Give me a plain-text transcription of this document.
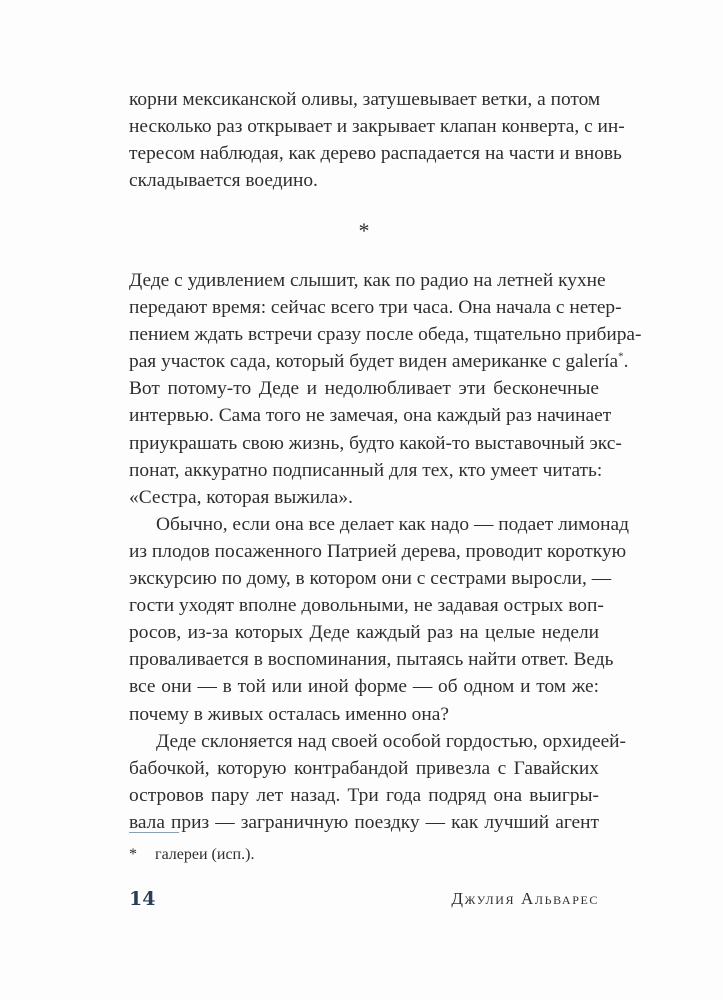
корни мексиканской оливы, затушевывает ветки, а потом
несколько раз открывает и закрывает клапан конверта, с ин-
тересом наблюдая, как дерево распадается на части и вновь
складывается воедино.
*
Деде с удивлением слышит, как по радио на летней кухне
передают время: сейчас всего три часа. Она начала с нетер-
пением ждать встречи сразу после обеда, тщательно прибира-
рая участок сада, который будет виден американке с galería*.
Вот потому-то Деде и недолюбливает эти бесконечные
интервью. Сама того не замечая, она каждый раз начинает
приукрашать свою жизнь, будто какой-то выставочный экс-
понат, аккуратно подписанный для тех, кто умеет читать:
«Сестра, которая выжила».
Обычно, если она все делает как надо — подает лимонад
из плодов посаженного Патрией дерева, проводит короткую
экскурсию по дому, в котором они с сестрами выросли, —
гости уходят вполне довольными, не задавая острых воп-
росов, из-за которых Деде каждый раз на целые недели
проваливается в воспоминания, пытаясь найти ответ. Ведь
все они — в той или иной форме — об одном и том же:
почему в живых осталась именно она?
Деде склоняется над своей особой гордостью, орхидеей-
бабочкой, которую контрабандой привезла с Гавайских
островов пару лет назад. Три года подряд она выигры-
вала приз — заграничную поездку — как лучший агент
* галереи (исп.).
14	Джулия Альварес
